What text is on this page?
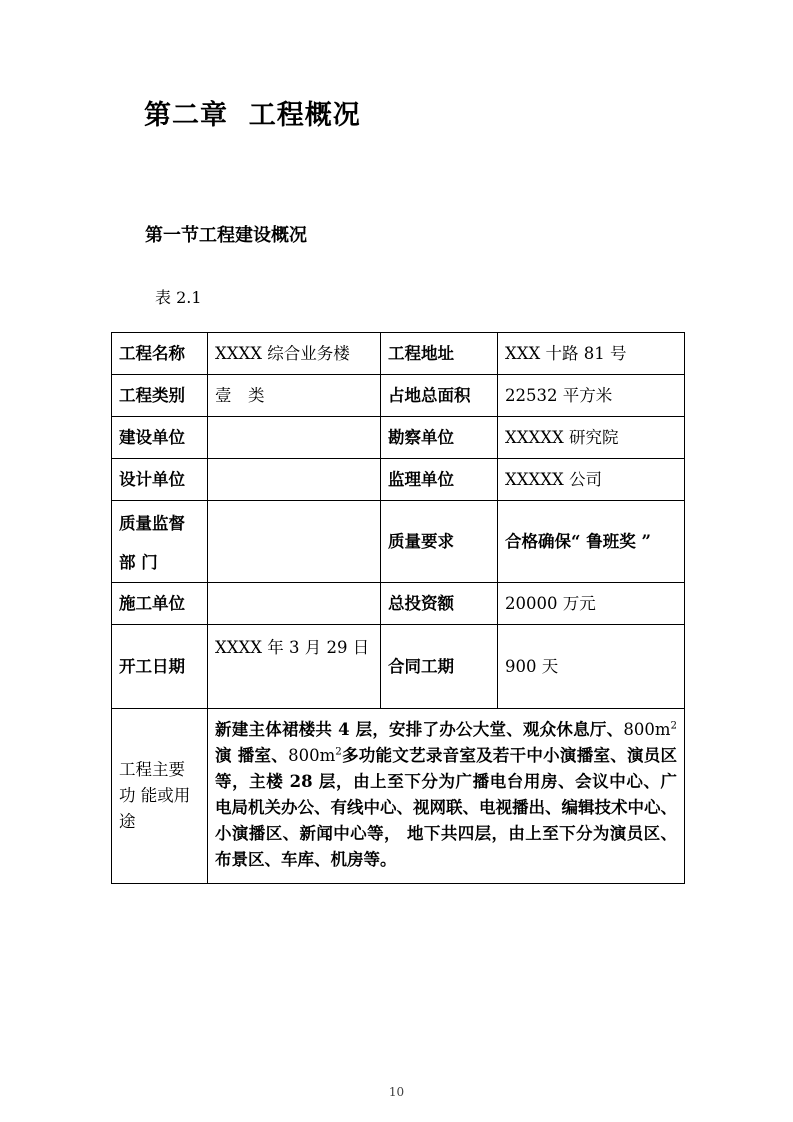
第二章  工程概况
第一节工程建设概况
表 2.1
工程名称	XXXX 综合业务楼	工程地址	XXX 十路 81 号
工程类别	壹　类	占地总面积	22532 平方米
建设单位		勘察单位	XXXXX 研究院
设计单位		监理单位	XXXXX 公司
质量监督部 门		质量要求	合格确保“ 鲁班奖 ”
施工单位		总投资额	20000 万元
开工日期	XXXX 年 3 月 29 日	合同工期	900 天
工程主要功 能或用途	新建主体裙楼共 4 层，安排了办公大堂、观众休息厅、$800m^2$演 播室、$800m^2$多功能文艺录音室及若干中小演播室、演员区等，主楼 28 层，由上至下分为广播电台用房、会议中心、广电局机关办公、有线中心、视网联、电视播出、编辑技术中心、小演播区、新闻中心等， 地下共四层，由上至下分为演员区、布景区、车库、机房等。		
10
